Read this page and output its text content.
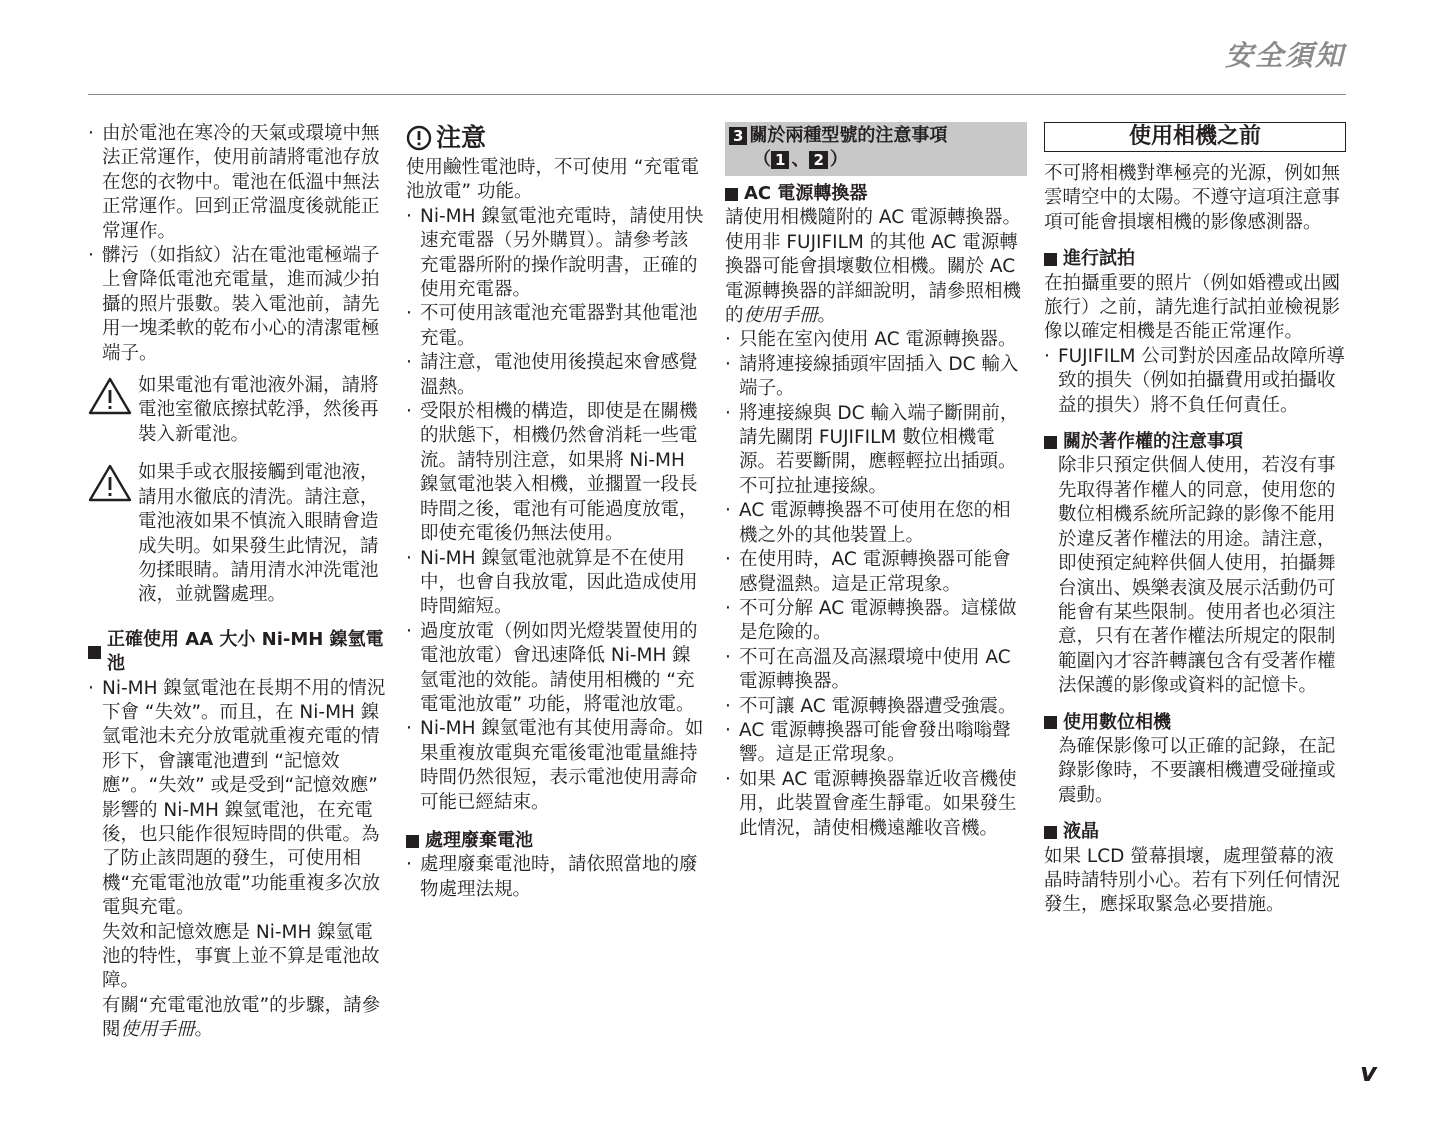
安全須知

· 由於電池在寒冷的天氣或環境中無法正常運作，使用前請將電池存放在您的衣物中。電池在低溫中無法正常運作。回到正常溫度後就能正常運作。

· 髒污（如指紋）沾在電池電極端子上會降低電池充電量，進而減少拍攝的照片張數。裝入電池前，請先用一塊柔軟的乾布小心的清潔電極端子。

如果電池有電池液外漏，請將電池室徹底擦拭乾淨，然後再裝入新電池。

如果手或衣服接觸到電池液，請用水徹底的清洗。請注意，電池液如果不慎流入眼睛會造成失明。如果發生此情況，請勿揉眼睛。請用清水沖洗電池液，並就醫處理。

正確使用 AA 大小 Ni-MH 鎳氫電池

· Ni-MH 鎳氫電池在長期不用的情況下會 “失效”。而且，在 Ni-MH 鎳氫電池未充分放電就重複充電的情形下，會讓電池遭到 “記憶效應”。“失效” 或是受到“記憶效應” 影響的 Ni-MH 鎳氫電池，在充電後，也只能作很短時間的供電。為了防止該問題的發生，可使用相機“充電電池放電”功能重複多次放電與充電。

失效和記憶效應是 Ni-MH 鎳氫電池的特性，事實上並不算是電池故障。

有關“充電電池放電”的步驟，請參閱使用手冊。

注意

使用鹼性電池時，不可使用 “充電電池放電” 功能。

· Ni-MH 鎳氫電池充電時，請使用快速充電器（另外購買）。請參考該充電器所附的操作說明書，正確的使用充電器。

· 不可使用該電池充電器對其他電池充電。

· 請注意，電池使用後摸起來會感覺溫熱。

· 受限於相機的構造，即使是在關機的狀態下，相機仍然會消耗一些電流。請特別注意，如果將 Ni-MH 鎳氫電池裝入相機，並擱置一段長時間之後，電池有可能過度放電，即使充電後仍無法使用。

· Ni-MH 鎳氫電池就算是不在使用中，也會自我放電，因此造成使用時間縮短。

· 過度放電（例如閃光燈裝置使用的電池放電）會迅速降低 Ni-MH 鎳氫電池的效能。請使用相機的 “充電電池放電” 功能，將電池放電。

· Ni-MH 鎳氫電池有其使用壽命。如果重複放電與充電後電池電量維持時間仍然很短，表示電池使用壽命可能已經結束。

處理廢棄電池

· 處理廢棄電池時，請依照當地的廢物處理法規。

3 關於兩種型號的注意事項
（ 1 、 2 ）
AC 電源轉換器

請使用相機隨附的 AC 電源轉換器。使用非 FUJIFILM 的其他 AC 電源轉換器可能會損壞數位相機。關於 AC 電源轉換器的詳細說明，請參照相機的使用手冊。

· 只能在室內使用 AC 電源轉換器。

· 請將連接線插頭牢固插入 DC 輸入端子。

· 將連接線與 DC 輸入端子斷開前，請先關閉 FUJIFILM 數位相機電源。若要斷開，應輕輕拉出插頭。不可拉扯連接線。

· AC 電源轉換器不可使用在您的相機之外的其他裝置上。

· 在使用時，AC 電源轉換器可能會感覺溫熱。這是正常現象。

· 不可分解 AC 電源轉換器。這樣做是危險的。

· 不可在高溫及高濕環境中使用 AC 電源轉換器。

· 不可讓 AC 電源轉換器遭受強震。

· AC 電源轉換器可能會發出嗡嗡聲響。這是正常現象。

· 如果 AC 電源轉換器靠近收音機使用，此裝置會產生靜電。如果發生此情況，請使相機遠離收音機。

使用相機之前

不可將相機對準極亮的光源，例如無雲晴空中的太陽。不遵守這項注意事項可能會損壞相機的影像感測器。

進行試拍

在拍攝重要的照片（例如婚禮或出國旅行）之前，請先進行試拍並檢視影像以確定相機是否能正常運作。

· FUJIFILM 公司對於因產品故障所導致的損失（例如拍攝費用或拍攝收益的損失）將不負任何責任。

關於著作權的注意事項

除非只預定供個人使用，若沒有事先取得著作權人的同意，使用您的數位相機系統所記錄的影像不能用於違反著作權法的用途。請注意，即使預定純粹供個人使用，拍攝舞台演出、娛樂表演及展示活動仍可能會有某些限制。使用者也必須注意，只有在著作權法所規定的限制範圍內才容許轉讓包含有受著作權法保護的影像或資料的記憶卡。

使用數位相機

為確保影像可以正確的記錄，在記錄影像時，不要讓相機遭受碰撞或震動。

液晶

如果 LCD 螢幕損壞，處理螢幕的液晶時請特別小心。若有下列任何情況發生，應採取緊急必要措施。

v
